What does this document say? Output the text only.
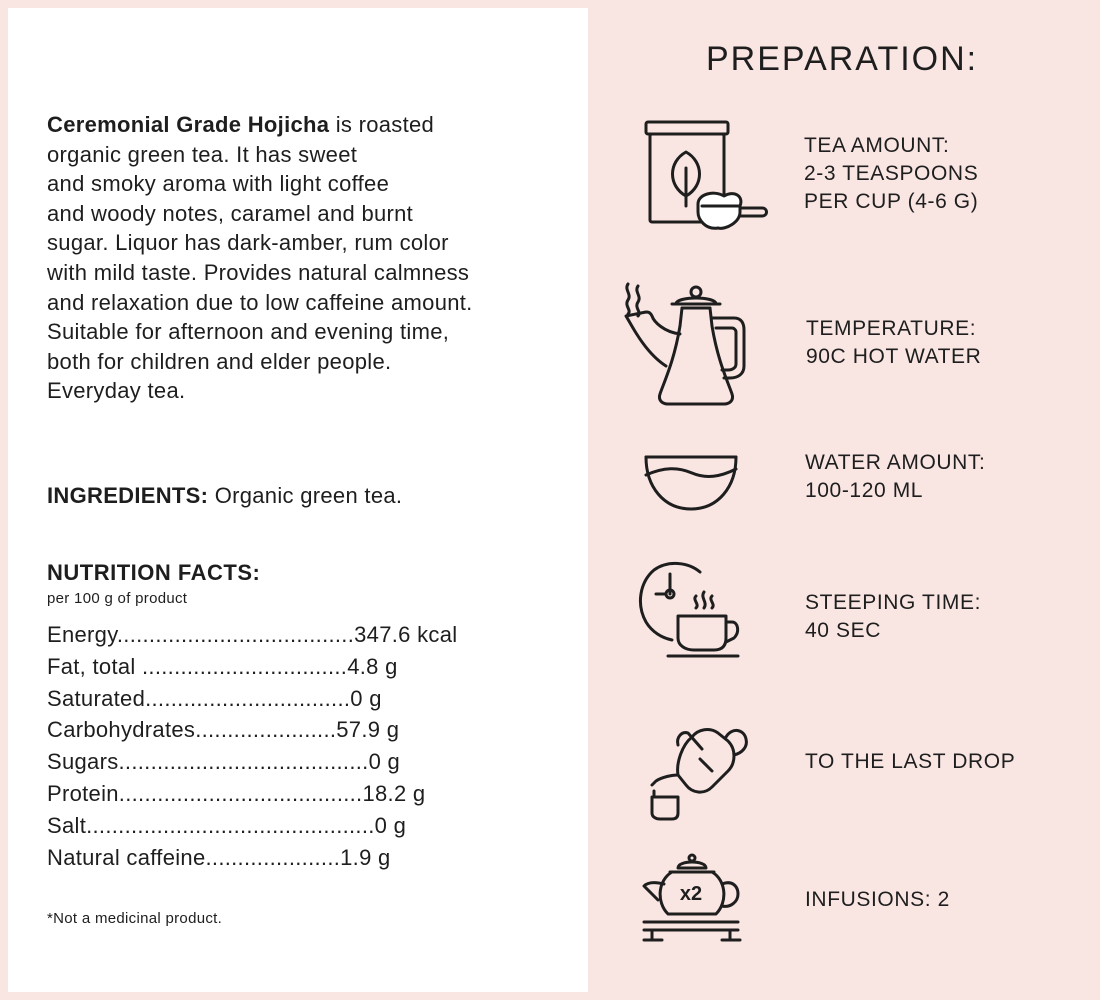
Ceremonial Grade Hojicha is roasted
organic green tea. It has sweet
and smoky aroma with light coffee
and woody notes, caramel and burnt
sugar. Liquor has dark-amber, rum color
with mild taste. Provides natural calmness
and relaxation due to low caffeine amount.
Suitable for afternoon and evening time,
both for children and elder people.
Everyday tea.

INGREDIENTS: Organic green tea.

NUTRITION FACTS:

per 100 g of product

Energy.....................................347.6 kcal
Fat, total ................................4.8 g
Saturated................................0 g
Carbohydrates......................57.9 g
Sugars.......................................0 g
Protein......................................18.2 g
Salt.............................................0 g
Natural caffeine.....................1.9 g

*Not a medicinal product.

PREPARATION:
TEA AMOUNT:
2-3 TEASPOONS
PER CUP (4-6 G)
TEMPERATURE:
90C HOT WATER
WATER AMOUNT:
100-120 ML
STEEPING TIME:
40 SEC
TO THE LAST DROP
x2	INFUSIONS: 2
